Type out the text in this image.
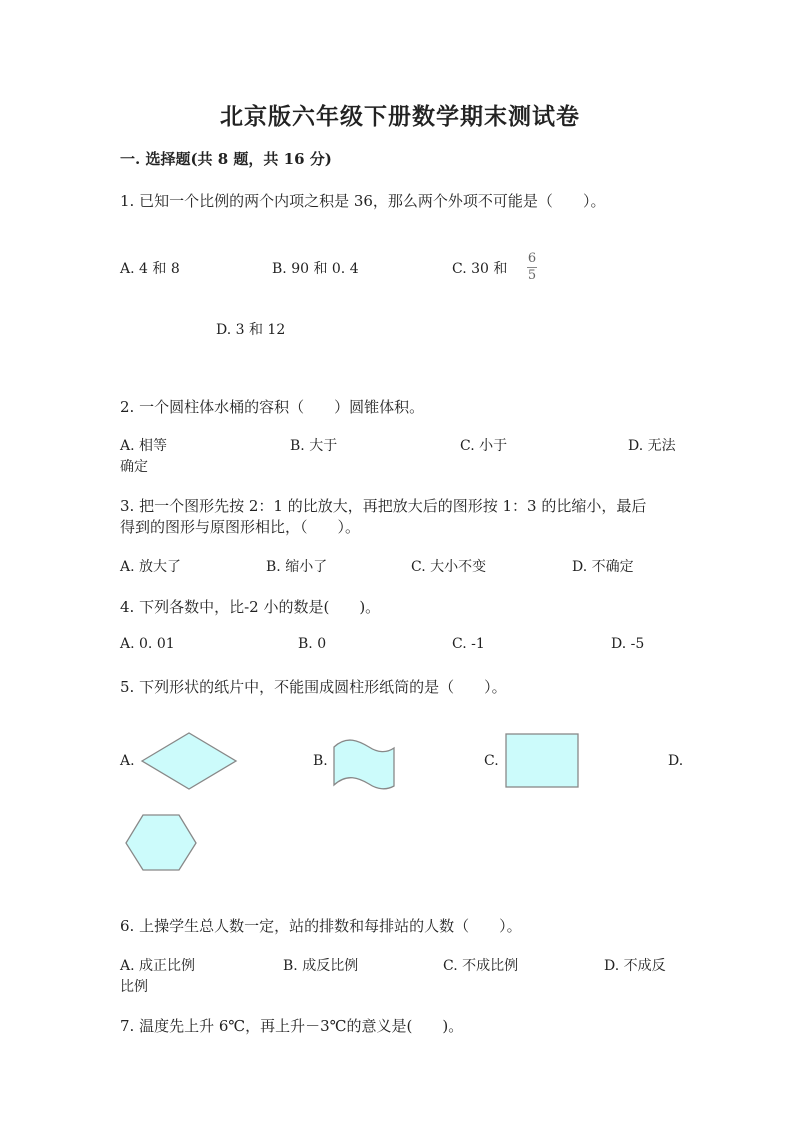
北京版六年级下册数学期末测试卷
一. 选择题(共 8 题，共 16 分)
1. 已知一个比例的两个内项之积是 36，那么两个外项不可能是（　　）。
A. 4 和 8	B. 90 和 0. 4	C. 30 和
6
5
D. 3 和 12
2. 一个圆柱体水桶的容积（　　）圆锥体积。
A. 相等	B. 大于	C. 小于	D. 无法
确定
3. 把一个图形先按 2：1 的比放大，再把放大后的图形按 1：3 的比缩小，最后
得到的图形与原图形相比，（　　）。
A. 放大了	B. 缩小了	C. 大小不变	D. 不确定
4. 下列各数中，比-2 小的数是(　　)。
A. 0. 01	B. 0	C. -1	D. -5
5. 下列形状的纸片中，不能围成圆柱形纸筒的是（　　）。
A.	B.	C.	D.
6. 上操学生总人数一定，站的排数和每排站的人数（　　）。
A. 成正比例	B. 成反比例	C. 不成比例	D. 不成反
比例
7. 温度先上升 6℃，再上升－3℃的意义是(　　)。
